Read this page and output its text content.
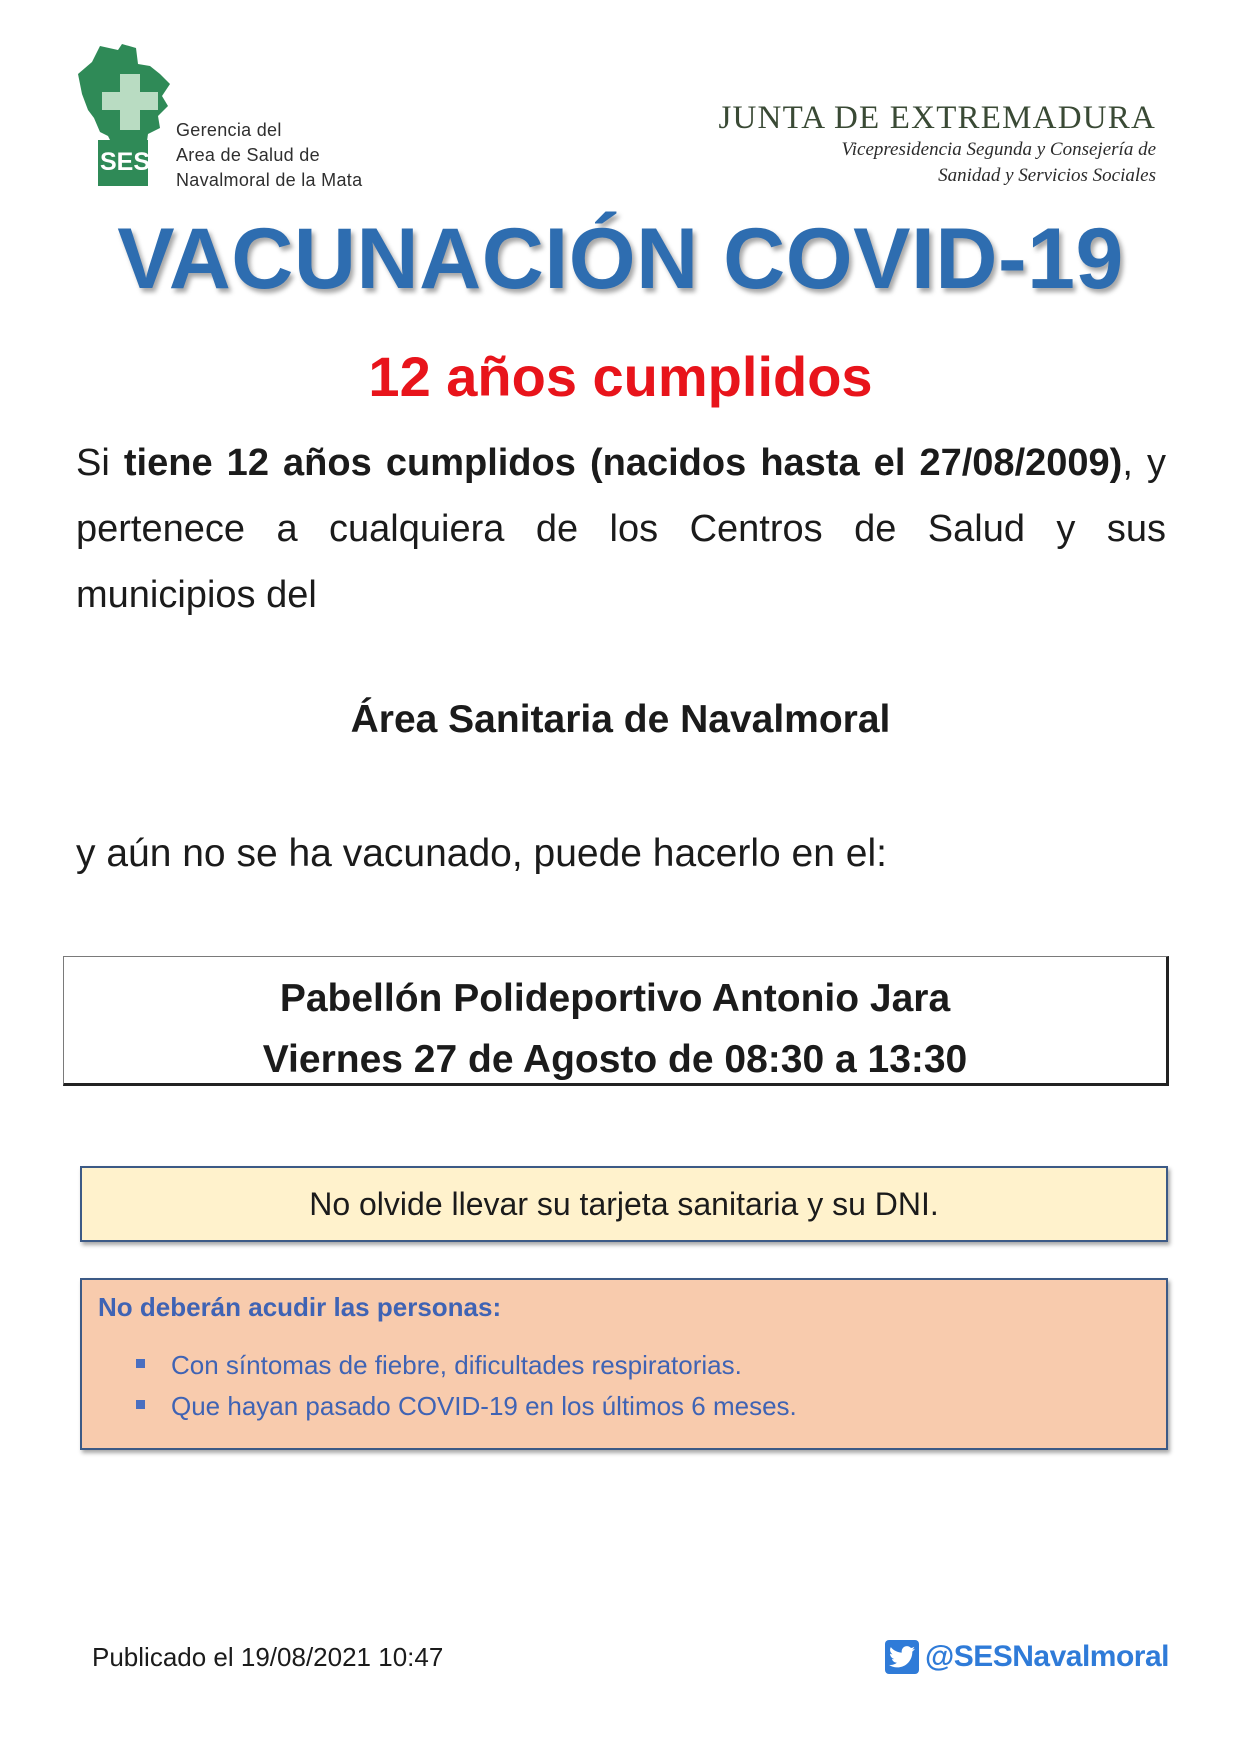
SES
Gerencia del
Area de Salud de
Navalmoral de la Mata
JUNTA DE EXTREMADURA
Vicepresidencia Segunda y Consejería de
Sanidad y Servicios Sociales
VACUNACIÓN COVID-19
12 años cumplidos
Si tiene 12 años cumplidos (nacidos hasta el 27/08/2009), y pertenece a cualquiera de los Centros de Salud y sus municipios del
Área Sanitaria de Navalmoral
y aún no se ha vacunado, puede hacerlo en el:
Pabellón Polideportivo Antonio Jara
Viernes 27 de Agosto de 08:30 a 13:30
No olvide llevar su tarjeta sanitaria y su DNI.
No deberán acudir las personas:
Con síntomas de fiebre, dificultades respiratorias.
Que hayan pasado COVID-19 en los últimos 6 meses.
Publicado el 19/08/2021 10:47	@SESNavalmoral
